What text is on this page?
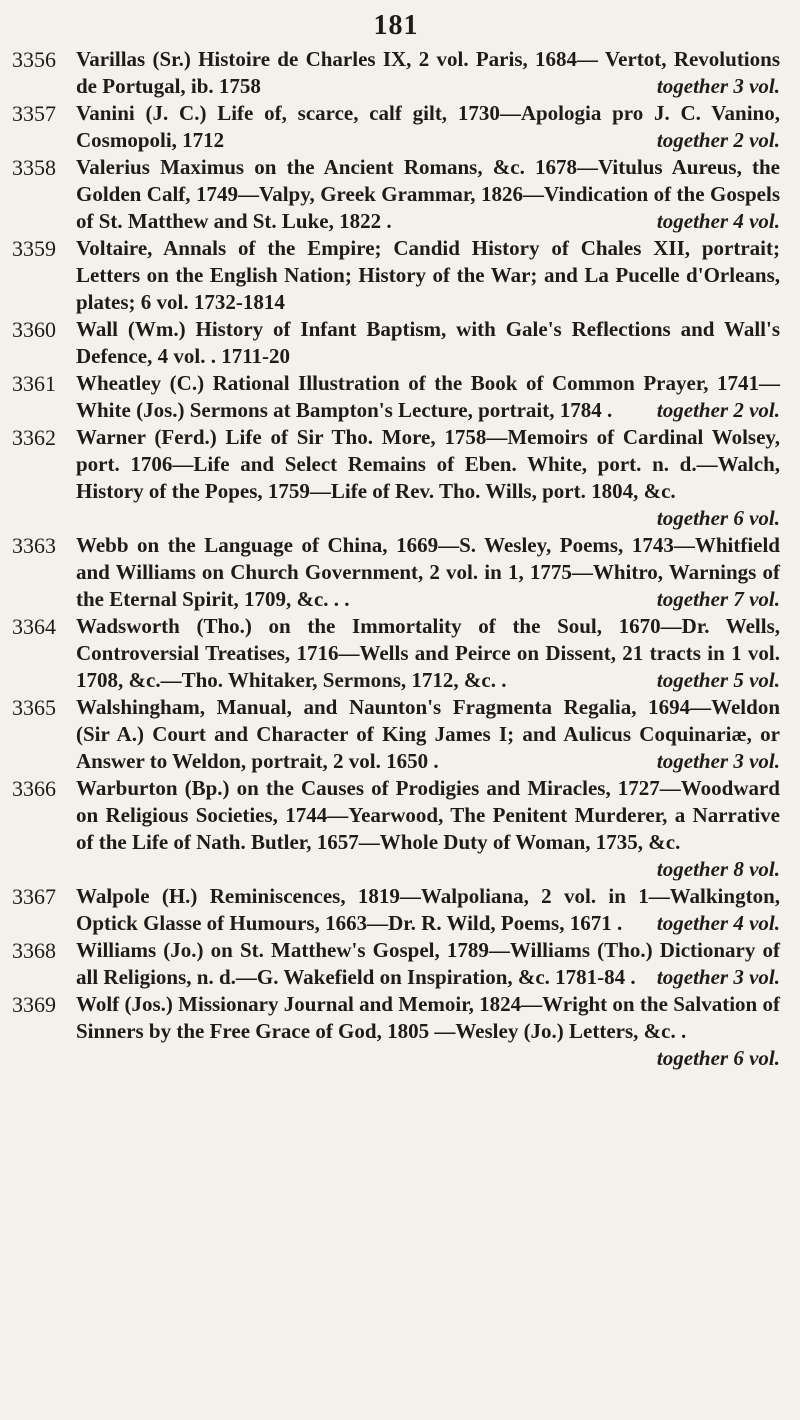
181
3356 Varillas (Sr.) Histoire de Charles IX, 2 vol. Paris, 1684— Vertot, Revolutions de Portugal, ib. 1758	together 3 vol.
3357 Vanini (J. C.) Life of, scarce, calf gilt, 1730—Apologia pro J. C. Vanino, Cosmopoli, 1712	together 2 vol.
3358 Valerius Maximus on the Ancient Romans, &c. 1678—Vitulus Aureus, the Golden Calf, 1749—Valpy, Greek Grammar, 1826—Vindication of the Gospels of St. Matthew and St. Luke, 1822 .	together 4 vol.
3359 Voltaire, Annals of the Empire; Candid History of Chales XII, portrait; Letters on the English Nation; History of the War; and La Pucelle d'Orleans, plates; 6 vol. 1732-1814
3360 Wall (Wm.) History of Infant Baptism, with Gale's Reflections and Wall's Defence, 4 vol. . 1711-20
3361 Wheatley (C.) Rational Illustration of the Book of Common Prayer, 1741—White (Jos.) Sermons at Bampton's Lecture, portrait, 1784 .	together 2 vol.
3362 Warner (Ferd.) Life of Sir Tho. More, 1758—Memoirs of Cardinal Wolsey, port. 1706—Life and Select Remains of Eben. White, port. n. d.—Walch, History of the Popes, 1759—Life of Rev. Tho. Wills, port. 1804, &c.
together 6 vol.
3363 Webb on the Language of China, 1669—S. Wesley, Poems, 1743—Whitfield and Williams on Church Government, 2 vol. in 1, 1775—Whitro, Warnings of the Eternal Spirit, 1709, &c. . .	together 7 vol.
3364 Wadsworth (Tho.) on the Immortality of the Soul, 1670—Dr. Wells, Controversial Treatises, 1716—Wells and Peirce on Dissent, 21 tracts in 1 vol. 1708, &c.—Tho. Whitaker, Sermons, 1712, &c. .	together 5 vol.
3365 Walshingham, Manual, and Naunton's Fragmenta Regalia, 1694—Weldon (Sir A.) Court and Character of King James I; and Aulicus Coquinariæ, or Answer to Weldon, portrait, 2 vol. 1650 .	together 3 vol.
3366 Warburton (Bp.) on the Causes of Prodigies and Miracles, 1727—Woodward on Religious Societies, 1744—Yearwood, The Penitent Murderer, a Narrative of the Life of Nath. Butler, 1657—Whole Duty of Woman, 1735, &c.
together 8 vol.
3367 Walpole (H.) Reminiscences, 1819—Walpoliana, 2 vol. in 1—Walkington, Optick Glasse of Humours, 1663—Dr. R. Wild, Poems, 1671 .	together 4 vol.
3368 Williams (Jo.) on St. Matthew's Gospel, 1789—Williams (Tho.) Dictionary of all Religions, n. d.—G. Wakefield on Inspiration, &c. 1781-84 .	together 3 vol.
3369 Wolf (Jos.) Missionary Journal and Memoir, 1824—Wright on the Salvation of Sinners by the Free Grace of God, 1805 —Wesley (Jo.) Letters, &c. .
together 6 vol.
